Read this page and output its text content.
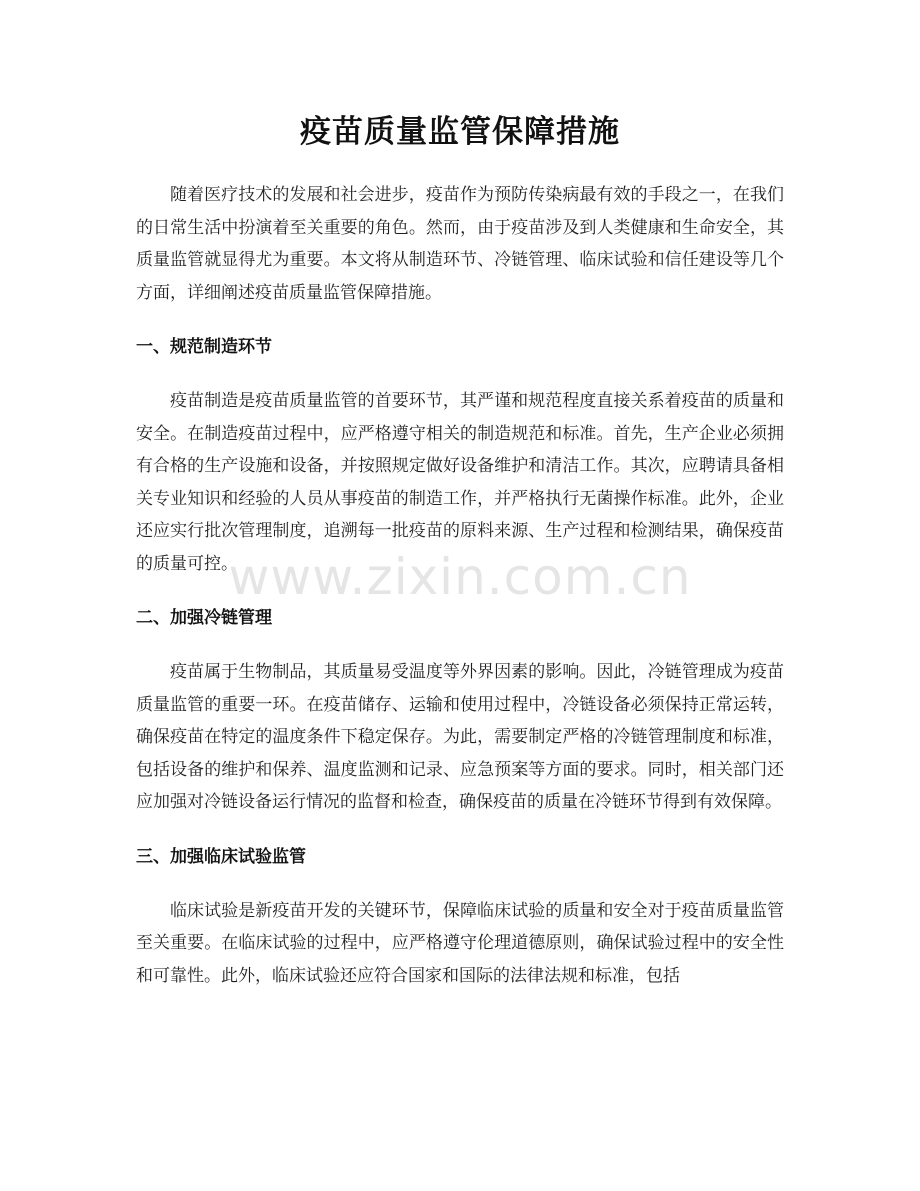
疫苗质量监管保障措施

随着医疗技术的发展和社会进步，疫苗作为预防传染病最有效的手段之一，在我们的日常生活中扮演着至关重要的角色。然而，由于疫苗涉及到人类健康和生命安全，其质量监管就显得尤为重要。本文将从制造环节、冷链管理、临床试验和信任建设等几个方面，详细阐述疫苗质量监管保障措施。

一、规范制造环节

疫苗制造是疫苗质量监管的首要环节，其严谨和规范程度直接关系着疫苗的质量和安全。在制造疫苗过程中，应严格遵守相关的制造规范和标准。首先，生产企业必须拥有合格的生产设施和设备，并按照规定做好设备维护和清洁工作。其次，应聘请具备相关专业知识和经验的人员从事疫苗的制造工作，并严格执行无菌操作标准。此外，企业还应实行批次管理制度，追溯每一批疫苗的原料来源、生产过程和检测结果，确保疫苗的质量可控。

二、加强冷链管理

疫苗属于生物制品，其质量易受温度等外界因素的影响。因此，冷链管理成为疫苗质量监管的重要一环。在疫苗储存、运输和使用过程中，冷链设备必须保持正常运转，确保疫苗在特定的温度条件下稳定保存。为此，需要制定严格的冷链管理制度和标准，包括设备的维护和保养、温度监测和记录、应急预案等方面的要求。同时，相关部门还应加强对冷链设备运行情况的监督和检查，确保疫苗的质量在冷链环节得到有效保障。

三、加强临床试验监管

临床试验是新疫苗开发的关键环节，保障临床试验的质量和安全对于疫苗质量监管至关重要。在临床试验的过程中，应严格遵守伦理道德原则，确保试验过程中的安全性和可靠性。此外，临床试验还应符合国家和国际的法律法规和标准，包括

www.zixin.com.cn
